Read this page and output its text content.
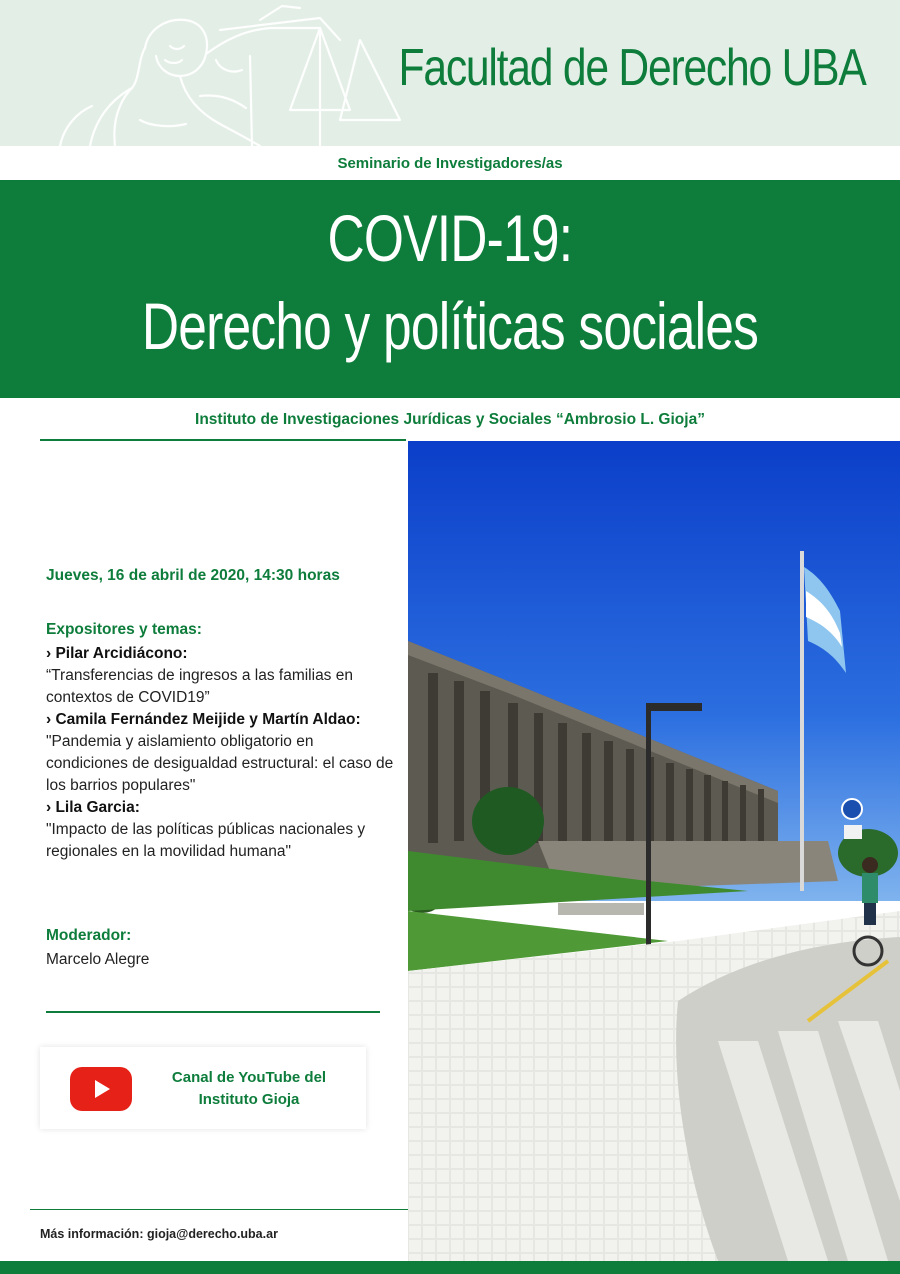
Facultad de Derecho UBA
Seminario de Investigadores/as
COVID-19:
Derecho y políticas sociales
Instituto de Investigaciones Jurídicas y Sociales “Ambrosio L. Gioja”
Jueves, 16 de abril de 2020, 14:30 horas
Expositores y temas:
› Pilar Arcidiácono:
“Transferencias de ingresos a las familias en contextos de COVID19”
› Camila Fernández Meijide y Martín Aldao:
"Pandemia y aislamiento obligatorio en condiciones de desigualdad estructural: el caso de los barrios populares"
› Lila Garcia:
"Impacto de las políticas públicas nacionales y regionales en la movilidad humana"
Moderador:
Marcelo Alegre
Canal de YouTube del Instituto Gioja
Más información: gioja@derecho.uba.ar
